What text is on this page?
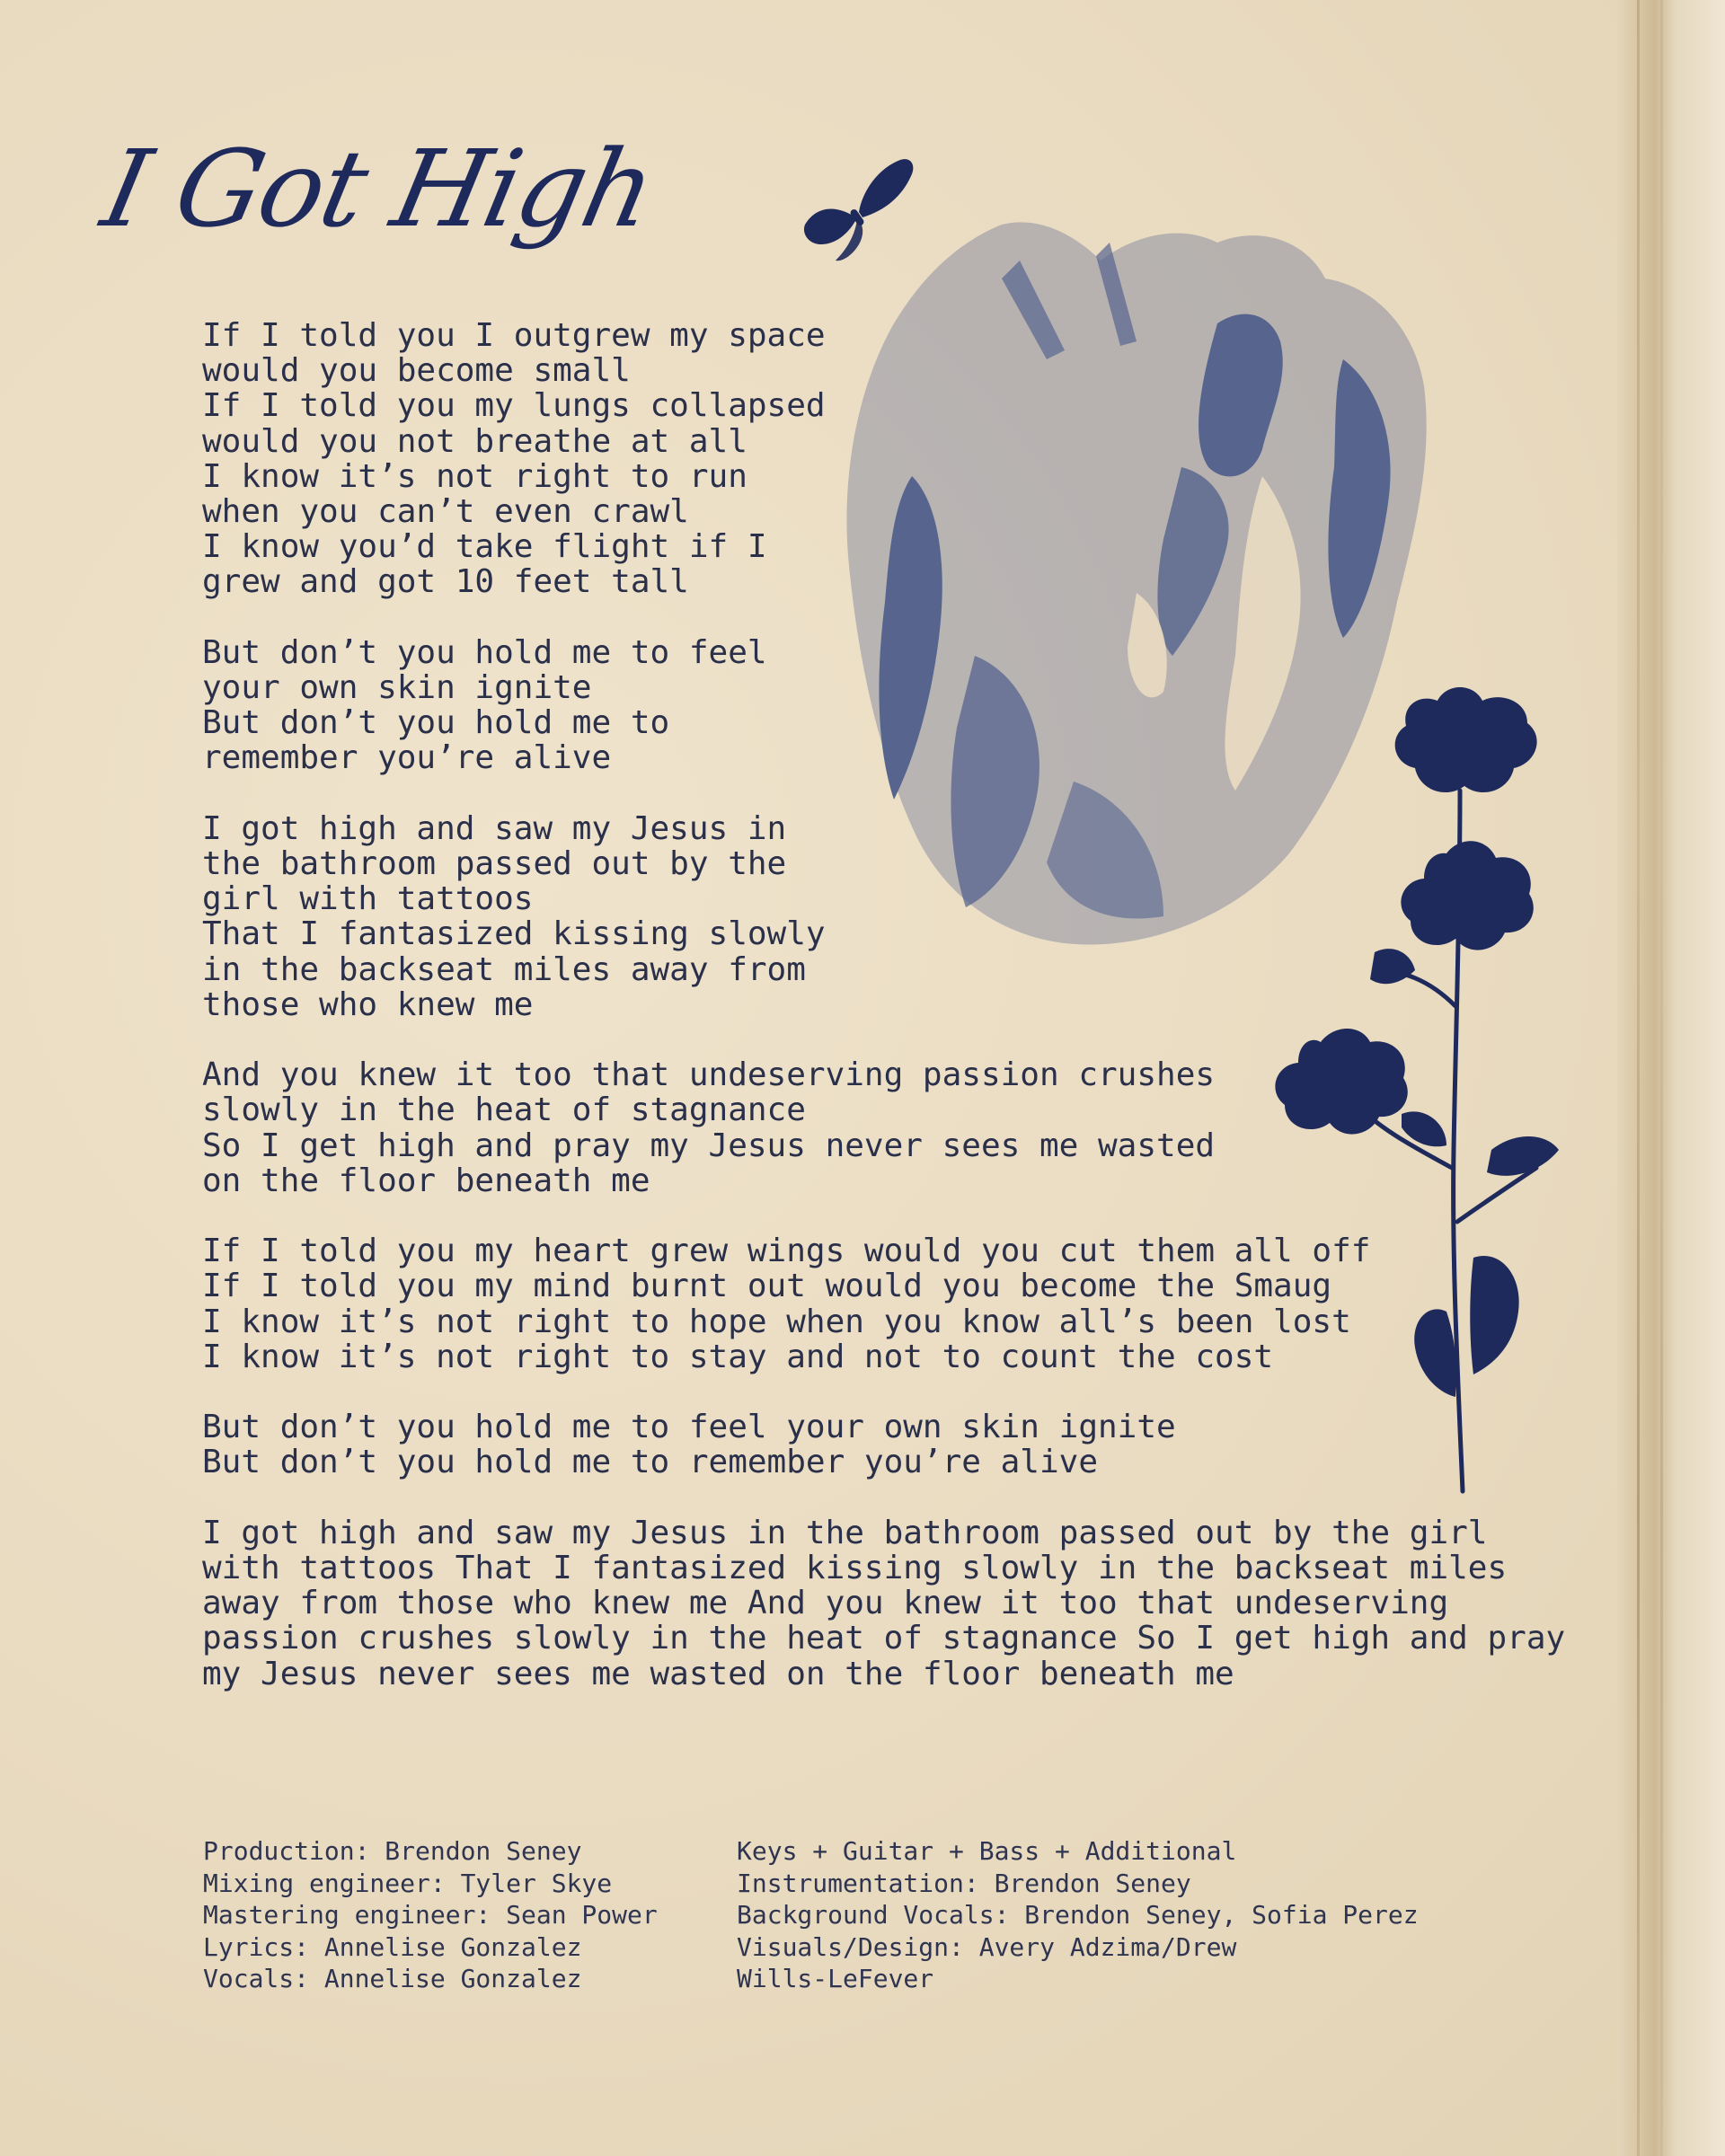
I Got High
If I told you I outgrew my space
would you become small
If I told you my lungs collapsed
would you not breathe at all
I know it’s not right to run
when you can’t even crawl
I know you’d take flight if I
grew and got 10 feet tall
But don’t you hold me to feel
your own skin ignite
But don’t you hold me to
remember you’re alive
I got high and saw my Jesus in
the bathroom passed out by the
girl with tattoos
That I fantasized kissing slowly
in the backseat miles away from
those who knew me
And you knew it too that undeserving passion crushes
slowly in the heat of stagnance
So I get high and pray my Jesus never sees me wasted
on the floor beneath me
If I told you my heart grew wings would you cut them all off
If I told you my mind burnt out would you become the Smaug
I know it’s not right to hope when you know all’s been lost
I know it’s not right to stay and not to count the cost
But don’t you hold me to feel your own skin ignite
But don’t you hold me to remember you’re alive
I got high and saw my Jesus in the bathroom passed out by the girl
with tattoos That I fantasized kissing slowly in the backseat miles
away from those who knew me And you knew it too that undeserving
passion crushes slowly in the heat of stagnance So I get high and pray
my Jesus never sees me wasted on the floor beneath me
Production: Brendon Seney
Mixing engineer: Tyler Skye
Mastering engineer: Sean Power
Lyrics: Annelise Gonzalez
Vocals: Annelise Gonzalez
Keys + Guitar + Bass + Additional
Instrumentation: Brendon Seney
Background Vocals: Brendon Seney, Sofia Perez
Visuals/Design: Avery Adzima/Drew
Wills-LeFever
